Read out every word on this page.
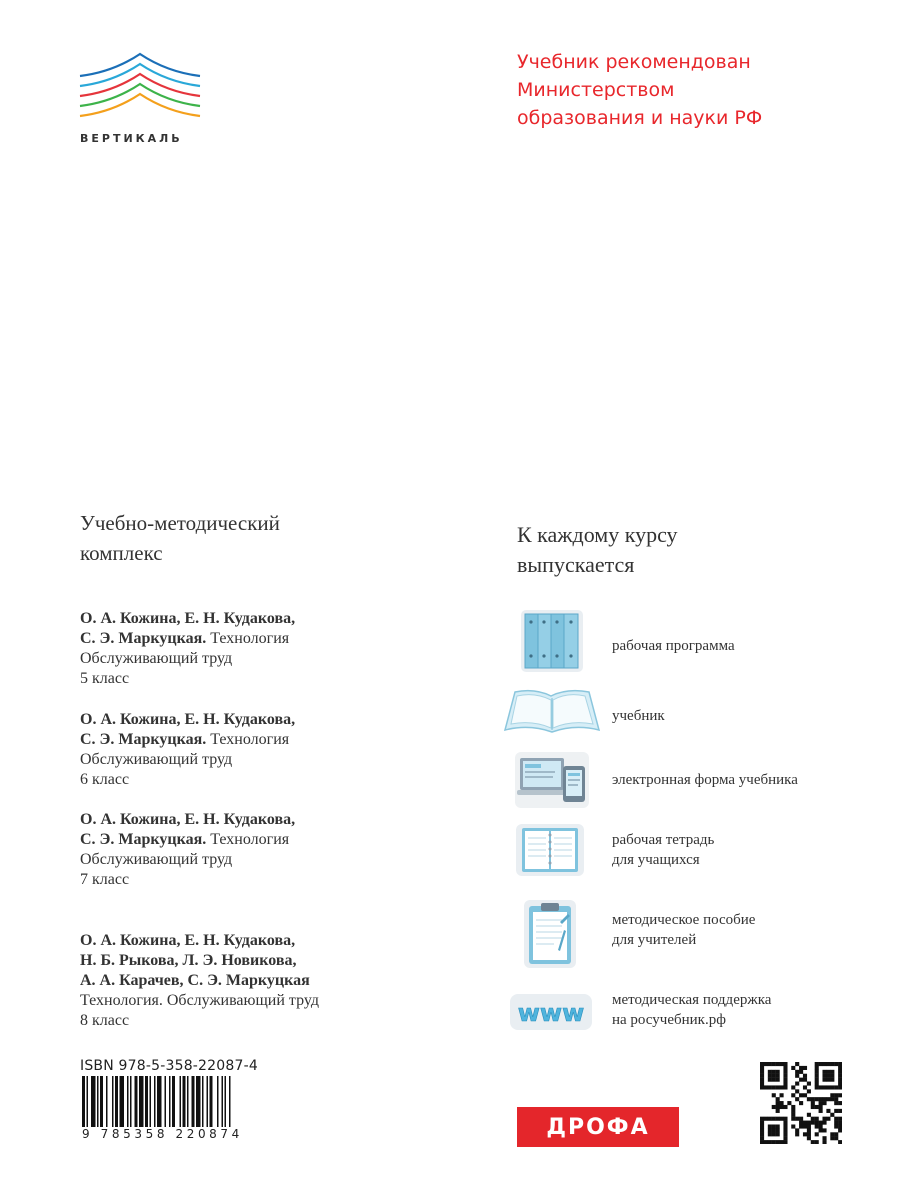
ВЕРТИКАЛЬ
Учебник рекомендован
Министерством
образования и науки РФ
Учебно-методический
комплекс
О. А. Кожина, Е. Н. Кудакова,
С. Э. Маркуцкая. Технология
Обслуживающий труд
5 класс
О. А. Кожина, Е. Н. Кудакова,
С. Э. Маркуцкая. Технология
Обслуживающий труд
6 класс
О. А. Кожина, Е. Н. Кудакова,
С. Э. Маркуцкая. Технология
Обслуживающий труд
7 класс
О. А. Кожина, Е. Н. Кудакова,
Н. Б. Рыкова, Л. Э. Новикова,
А. А. Карачев, С. Э. Маркуцкая
Технология. Обслуживающий труд
8 класс
К каждому курсу
выпускается
рабочая программа
учебник
электронная форма учебника
рабочая тетрадь
для учащихся
методическое пособие
для учителей
www методическая поддержка
на росучебник.рф
ISBN 978-5-358-22087-4
9 785358 220874	ДРОФА
